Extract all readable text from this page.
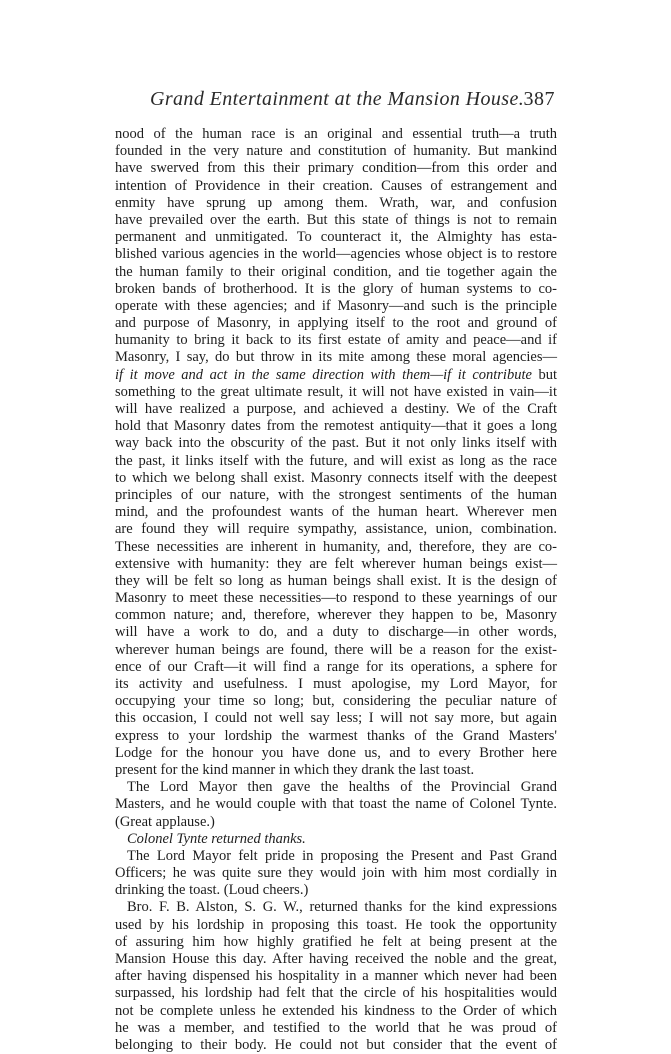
Grand Entertainment at the Mansion House. 387
nood of the human race is an original and essential truth—a truth
founded in the very nature and constitution of humanity. But mankind
have swerved from this their primary condition—from this order and
intention of Providence in their creation. Causes of estrangement and
enmity have sprung up among them. Wrath, war, and confusion
have prevailed over the earth. But this state of things is not to remain
permanent and unmitigated. To counteract it, the Almighty has esta-
blished various agencies in the world—agencies whose object is to restore
the human family to their original condition, and tie together again the
broken bands of brotherhood. It is the glory of human systems to co-
operate with these agencies; and if Masonry—and such is the principle
and purpose of Masonry, in applying itself to the root and ground of
humanity to bring it back to its first estate of amity and peace—and if
Masonry, I say, do but throw in its mite among these moral agencies—
if it move and act in the same direction with them—if it contribute but
something to the great ultimate result, it will not have existed in vain—it
will have realized a purpose, and achieved a destiny. We of the Craft
hold that Masonry dates from the remotest antiquity—that it goes a long
way back into the obscurity of the past. But it not only links itself with
the past, it links itself with the future, and will exist as long as the race
to which we belong shall exist. Masonry connects itself with the deepest
principles of our nature, with the strongest sentiments of the human
mind, and the profoundest wants of the human heart. Wherever men
are found they will require sympathy, assistance, union, combination.
These necessities are inherent in humanity, and, therefore, they are co-
extensive with humanity: they are felt wherever human beings exist—
they will be felt so long as human beings shall exist. It is the design of
Masonry to meet these necessities—to respond to these yearnings of our
common nature; and, therefore, wherever they happen to be, Masonry
will have a work to do, and a duty to discharge—in other words,
wherever human beings are found, there will be a reason for the exist-
ence of our Craft—it will find a range for its operations, a sphere for
its activity and usefulness. I must apologise, my Lord Mayor, for
occupying your time so long; but, considering the peculiar nature of
this occasion, I could not well say less; I will not say more, but again
express to your lordship the warmest thanks of the Grand Masters'
Lodge for the honour you have done us, and to every Brother here
present for the kind manner in which they drank the last toast.
The Lord Mayor then gave the healths of the Provincial Grand
Masters, and he would couple with that toast the name of Colonel Tynte.
(Great applause.)
Colonel Tynte returned thanks.
The Lord Mayor felt pride in proposing the Present and Past Grand
Officers; he was quite sure they would join with him most cordially in
drinking the toast. (Loud cheers.)
Bro. F. B. Alston, S. G. W., returned thanks for the kind expressions
used by his lordship in proposing this toast. He took the opportunity
of assuring him how highly gratified he felt at being present at the
Mansion House this day. After having received the noble and the great,
after having dispensed his hospitality in a manner which never had been
surpassed, his lordship had felt that the circle of his hospitalities would
not be complete unless he extended his kindness to the Order of which
he was a member, and testified to the world that he was proud of
belonging to their body. He could not but consider that the event of
